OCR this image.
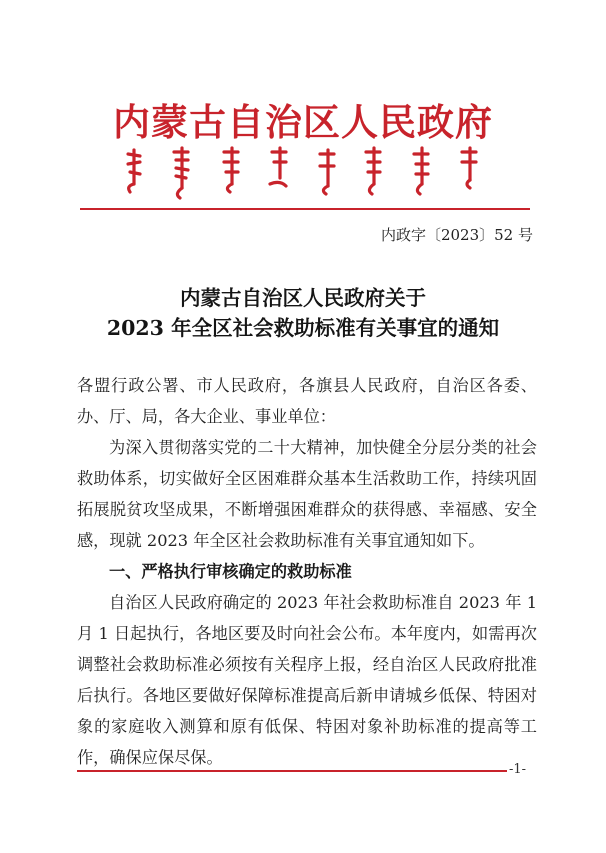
内蒙古自治区人民政府
内政字〔2023〕52 号
内蒙古自治区人民政府关于
2023 年全区社会救助标准有关事宜的通知
各盟行政公署、市人民政府，各旗县人民政府，自治区各委、办、厅、局，各大企业、事业单位：
为深入贯彻落实党的二十大精神，加快健全分层分类的社会救助体系，切实做好全区困难群众基本生活救助工作，持续巩固拓展脱贫攻坚成果，不断增强困难群众的获得感、幸福感、安全感，现就 2023 年全区社会救助标准有关事宜通知如下。
一、严格执行审核确定的救助标准
自治区人民政府确定的 2023 年社会救助标准自 2023 年 1 月 1 日起执行，各地区要及时向社会公布。本年度内，如需再次调整社会救助标准必须按有关程序上报，经自治区人民政府批准后执行。各地区要做好保障标准提高后新申请城乡低保、特困对象的家庭收入测算和原有低保、特困对象补助标准的提高等工作，确保应保尽保。
-1-
